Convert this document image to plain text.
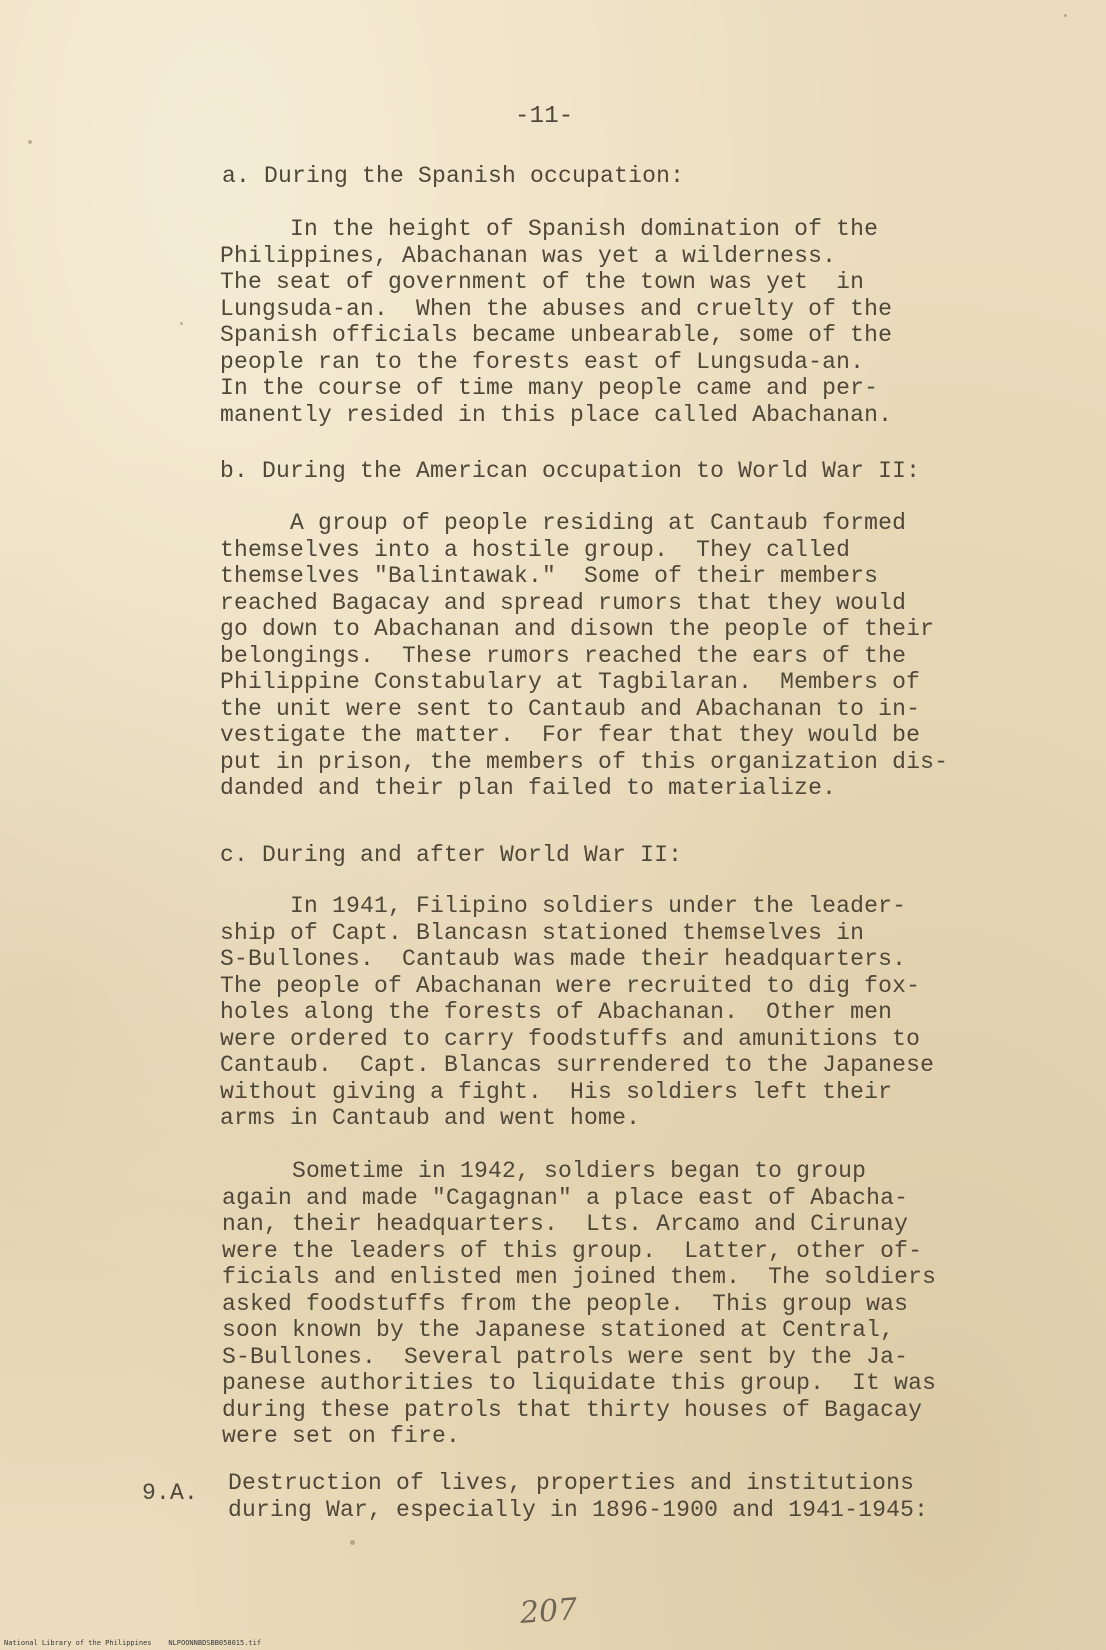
-11-

a. During the Spanish occupation:

In the height of Spanish domination of the
Philippines, Abachanan was yet a wilderness.
The seat of government of the town was yet  in
Lungsuda-an.  When the abuses and cruelty of the
Spanish officials became unbearable, some of the
people ran to the forests east of Lungsuda-an.
In the course of time many people came and per-
manently resided in this place called Abachanan.

b. During the American occupation to World War II:

A group of people residing at Cantaub formed
themselves into a hostile group.  They called
themselves "Balintawak."  Some of their members
reached Bagacay and spread rumors that they would
go down to Abachanan and disown the people of their
belongings.  These rumors reached the ears of the
Philippine Constabulary at Tagbilaran.  Members of
the unit were sent to Cantaub and Abachanan to in-
vestigate the matter.  For fear that they would be
put in prison, the members of this organization dis-
danded and their plan failed to materialize.

c. During and after World War II:

In 1941, Filipino soldiers under the leader-
ship of Capt. Blancasn stationed themselves in
S-Bullones.  Cantaub was made their headquarters.
The people of Abachanan were recruited to dig fox-
holes along the forests of Abachanan.  Other men
were ordered to carry foodstuffs and amunitions to
Cantaub.  Capt. Blancas surrendered to the Japanese
without giving a fight.  His soldiers left their
arms in Cantaub and went home.

Sometime in 1942, soldiers began to group
again and made "Cagagnan" a place east of Abacha-
nan, their headquarters.  Lts. Arcamo and Cirunay
were the leaders of this group.  Latter, other of-
ficials and enlisted men joined them.  The soldiers
asked foodstuffs from the people.  This group was
soon known by the Japanese stationed at Central,
S-Bullones.  Several patrols were sent by the Ja-
panese authorities to liquidate this group.  It was
during these patrols that thirty houses of Bagacay
were set on fire.

9.A. Destruction of lives, properties and institutions
during War, especially in 1896-1900 and 1941-1945:

207
National Library of the Philippines    NLPOONNBDSBB058015.tif
